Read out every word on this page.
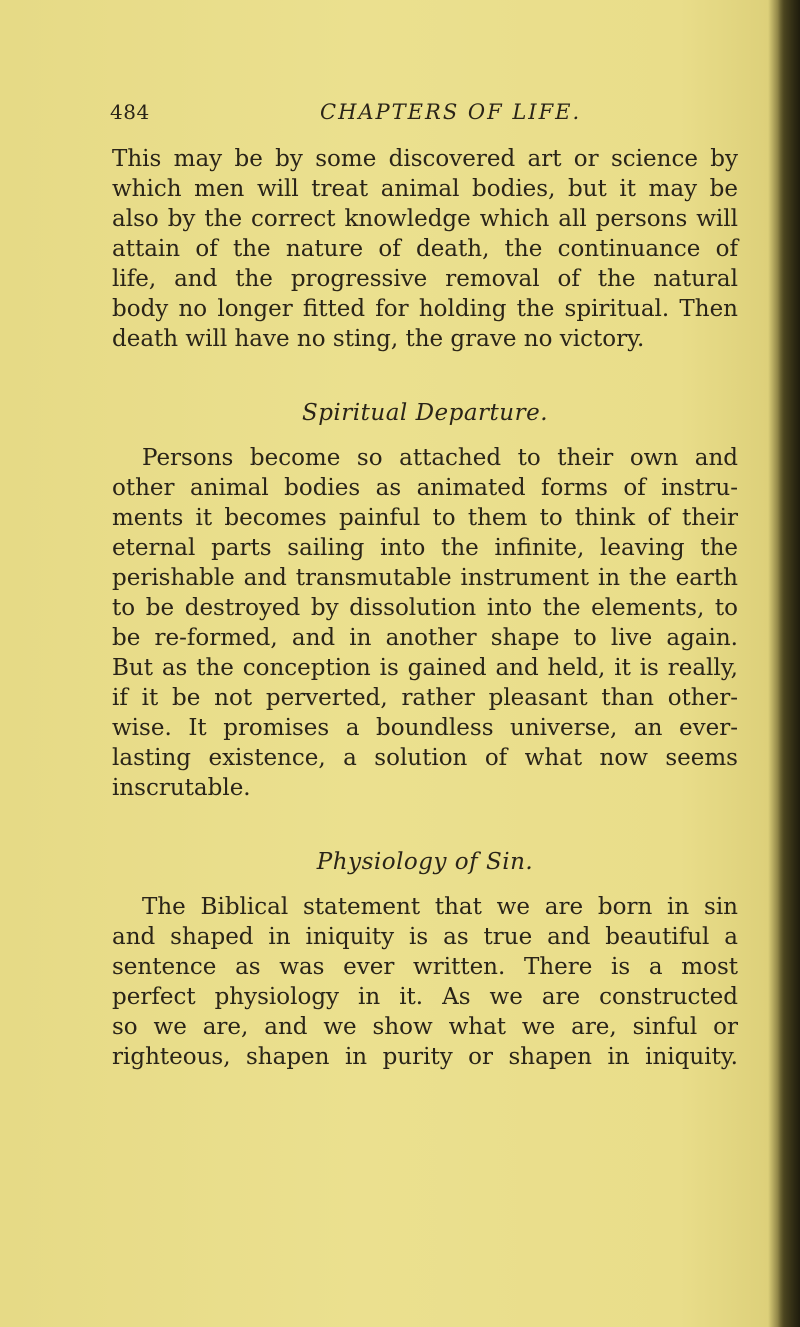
484	CHAPTERS OF LIFE.
This may be by some discovered art or science by
which men will treat animal bodies, but it may be
also by the correct knowledge which all persons will
attain of the nature of death, the continuance of
life, and the progressive removal of the natural
body no longer fitted for holding the spiritual. Then
death will have no sting, the grave no victory.
Spiritual Departure.
Persons become so attached to their own and
other animal bodies as animated forms of instru-
ments it becomes painful to them to think of their
eternal parts sailing into the infinite, leaving the
perishable and transmutable instrument in the earth
to be destroyed by dissolution into the elements, to
be re-formed, and in another shape to live again.
But as the conception is gained and held, it is really,
if it be not perverted, rather pleasant than other-
wise. It promises a boundless universe, an ever-
lasting existence, a solution of what now seems
inscrutable.
Physiology of Sin.
The Biblical statement that we are born in sin
and shaped in iniquity is as true and beautiful a
sentence as was ever written. There is a most
perfect physiology in it. As we are constructed
so we are, and we show what we are, sinful or
righteous, shapen in purity or shapen in iniquity.
